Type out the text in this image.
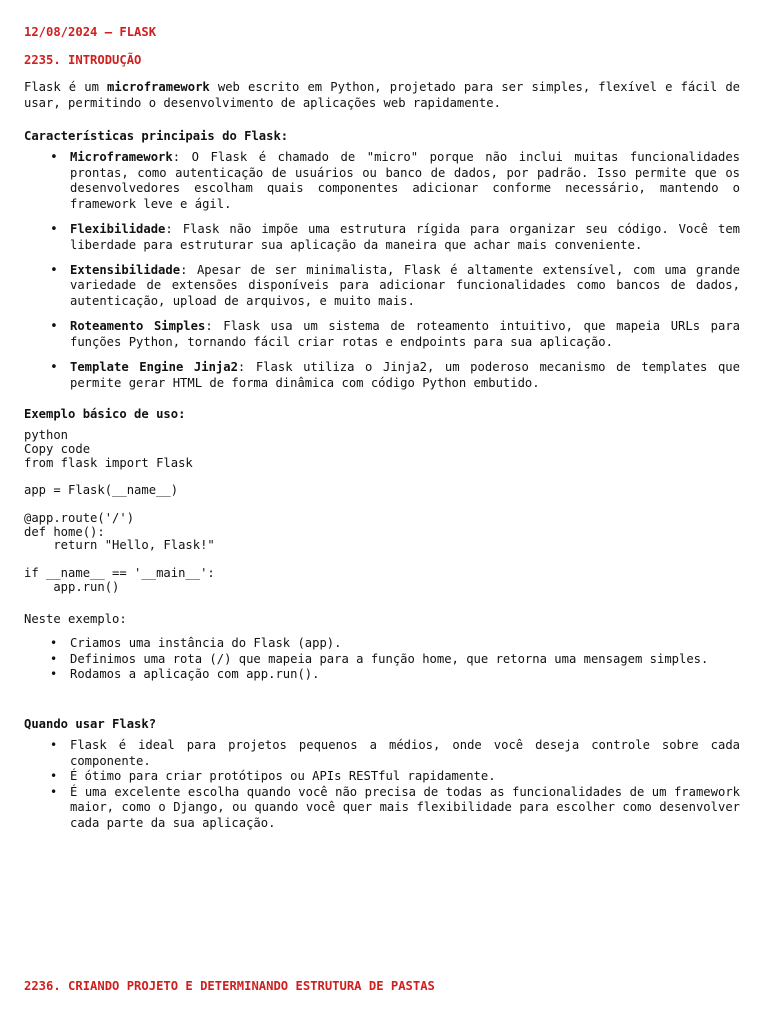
12/08/2024 – FLASK
2235. INTRODUÇÃO

Flask é um microframework web escrito em Python, projetado para ser simples, flexível e fácil de usar, permitindo o desenvolvimento de aplicações web rapidamente.

Características principais do Flask:
• Microframework: O Flask é chamado de "micro" porque não inclui muitas funcionalidades prontas, como autenticação de usuários ou banco de dados, por padrão. Isso permite que os desenvolvedores escolham quais componentes adicionar conforme necessário, mantendo o framework leve e ágil.
• Flexibilidade: Flask não impõe uma estrutura rígida para organizar seu código. Você tem liberdade para estruturar sua aplicação da maneira que achar mais conveniente.
• Extensibilidade: Apesar de ser minimalista, Flask é altamente extensível, com uma grande variedade de extensões disponíveis para adicionar funcionalidades como bancos de dados, autenticação, upload de arquivos, e muito mais.
• Roteamento Simples: Flask usa um sistema de roteamento intuitivo, que mapeia URLs para funções Python, tornando fácil criar rotas e endpoints para sua aplicação.
• Template Engine Jinja2: Flask utiliza o Jinja2, um poderoso mecanismo de templates que permite gerar HTML de forma dinâmica com código Python embutido.
Exemplo básico de uso:
python
Copy code
from flask import Flask

app = Flask(__name__)

@app.route('/')
def home():
return "Hello, Flask!"

if __name__ == '__main__':
app.run()
Neste exemplo:
• Criamos uma instância do Flask (app).
• Definimos uma rota (/) que mapeia para a função home, que retorna uma mensagem simples.
• Rodamos a aplicação com app.run().
Quando usar Flask?
• Flask é ideal para projetos pequenos a médios, onde você deseja controle sobre cada componente.
• É ótimo para criar protótipos ou APIs RESTful rapidamente.
• É uma excelente escolha quando você não precisa de todas as funcionalidades de um framework maior, como o Django, ou quando você quer mais flexibilidade para escolher como desenvolver cada parte da sua aplicação.
2236. CRIANDO PROJETO E DETERMINANDO ESTRUTURA DE PASTAS
